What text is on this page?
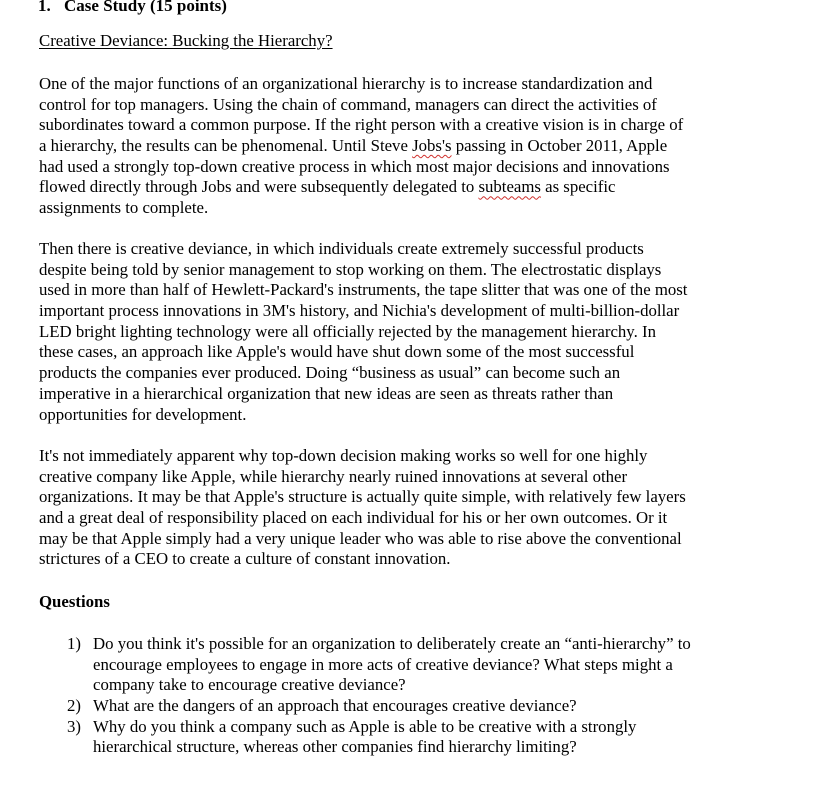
1. Case Study (15 points)
Creative Deviance: Bucking the Hierarchy?
One of the major functions of an organizational hierarchy is to increase standardization and
control for top managers. Using the chain of command, managers can direct the activities of
subordinates toward a common purpose. If the right person with a creative vision is in charge of
a hierarchy, the results can be phenomenal. Until Steve Jobs's passing in October 2011, Apple
had used a strongly top-down creative process in which most major decisions and innovations
flowed directly through Jobs and were subsequently delegated to subteams as specific
assignments to complete.
Then there is creative deviance, in which individuals create extremely successful products
despite being told by senior management to stop working on them. The electrostatic displays
used in more than half of Hewlett-Packard's instruments, the tape slitter that was one of the most
important process innovations in 3M's history, and Nichia's development of multi-billion-dollar
LED bright lighting technology were all officially rejected by the management hierarchy. In
these cases, an approach like Apple's would have shut down some of the most successful
products the companies ever produced. Doing “business as usual” can become such an
imperative in a hierarchical organization that new ideas are seen as threats rather than
opportunities for development.
It's not immediately apparent why top-down decision making works so well for one highly
creative company like Apple, while hierarchy nearly ruined innovations at several other
organizations. It may be that Apple's structure is actually quite simple, with relatively few layers
and a great deal of responsibility placed on each individual for his or her own outcomes. Or it
may be that Apple simply had a very unique leader who was able to rise above the conventional
strictures of a CEO to create a culture of constant innovation.
Questions
1) Do you think it's possible for an organization to deliberately create an “anti-hierarchy” to
encourage employees to engage in more acts of creative deviance? What steps might a
company take to encourage creative deviance?
2) What are the dangers of an approach that encourages creative deviance?
3) Why do you think a company such as Apple is able to be creative with a strongly
hierarchical structure, whereas other companies find hierarchy limiting?
